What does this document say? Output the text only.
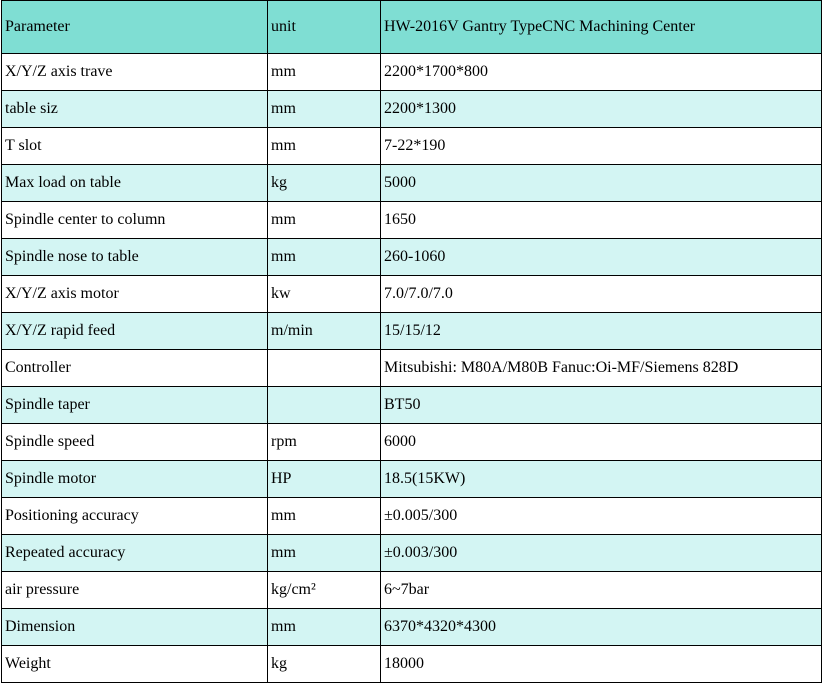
Parameter	unit	HW-2016V Gantry TypeCNC Machining Center
X/Y/Z axis trave	mm	2200*1700*800
table siz	mm	2200*1300
T slot	mm	7-22*190
Max load on table	kg	5000
Spindle center to column	mm	1650
Spindle nose to table	mm	260-1060
X/Y/Z axis motor	kw	7.0/7.0/7.0
X/Y/Z rapid feed	m/min	15/15/12
Controller		Mitsubishi: M80A/M80B Fanuc:Oi-MF/Siemens 828D
Spindle taper		BT50
Spindle speed	rpm	6000
Spindle motor	HP	18.5(15KW)
Positioning accuracy	mm	±0.005/300
Repeated accuracy	mm	±0.003/300
air pressure	kg/cm²	6~7bar
Dimension	mm	6370*4320*4300
Weight	kg	18000
